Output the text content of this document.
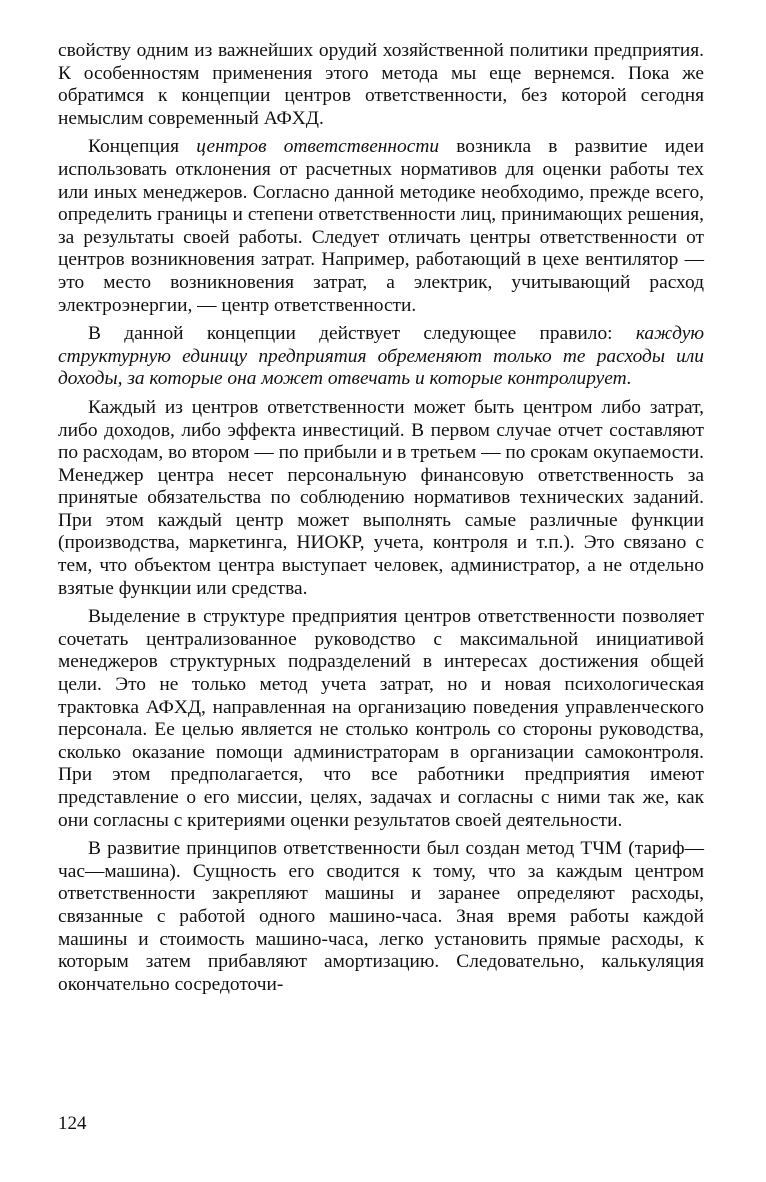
свойству одним из важнейших орудий хозяйственной политики предприятия. К особенностям применения этого метода мы еще вернемся. Пока же обратимся к концепции центров ответственности, без которой сегодня немыслим современный АФХД.

Концепция центров ответственности возникла в развитие идеи использовать отклонения от расчетных нормативов для оценки работы тех или иных менеджеров. Согласно данной методике необходимо, прежде всего, определить границы и степени ответственности лиц, принимающих решения, за результаты своей работы. Следует отличать центры ответственности от центров возникновения затрат. Например, работающий в цехе вентилятор — это место возникновения затрат, а электрик, учитывающий расход электроэнергии, — центр ответственности.

В данной концепции действует следующее правило: каждую структурную единицу предприятия обременяют только те расходы или доходы, за которые она может отвечать и которые контролирует.

Каждый из центров ответственности может быть центром либо затрат, либо доходов, либо эффекта инвестиций. В первом случае отчет составляют по расходам, во втором — по прибыли и в третьем — по срокам окупаемости. Менеджер центра несет персональную финансовую ответственность за принятые обязательства по соблюдению нормативов технических заданий. При этом каждый центр может выполнять самые различные функции (производства, маркетинга, НИОКР, учета, контроля и т.п.). Это связано с тем, что объектом центра выступает человек, администратор, а не отдельно взятые функции или средства.

Выделение в структуре предприятия центров ответственности позволяет сочетать централизованное руководство с максимальной инициативой менеджеров структурных подразделений в интересах достижения общей цели. Это не только метод учета затрат, но и новая психологическая трактовка АФХД, направленная на организацию поведения управленческого персонала. Ее целью является не столько контроль со стороны руководства, сколько оказание помощи администраторам в организации самоконтроля. При этом предполагается, что все работники предприятия имеют представление о его миссии, целях, задачах и согласны с ними так же, как они согласны с критериями оценки результатов своей деятельности.

В развитие принципов ответственности был создан метод ТЧМ (тариф—час—машина). Сущность его сводится к тому, что за каждым центром ответственности закрепляют машины и заранее определяют расходы, связанные с работой одного машино-часа. Зная время работы каждой машины и стоимость машино-часа, легко установить прямые расходы, к которым затем прибавляют амортизацию. Следовательно, калькуляция окончательно сосредоточи-

124
